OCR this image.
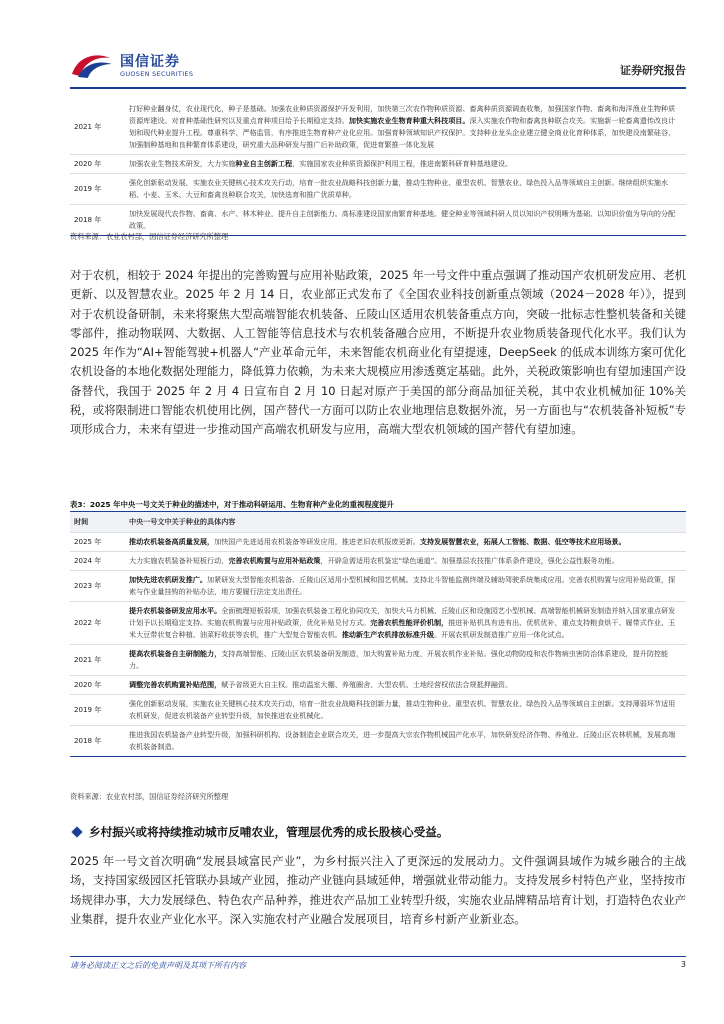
国信证券
GUOSEN SECURITIES	证券研究报告
2021 年
打好种业翻身仗，农业现代化，种子是基础。加强农业种质资源保护开发利用，加快第三次农作物种质资源、畜禽种质资源调查收集，加强国家作物、畜禽和海洋渔业生物种质资源库建设。对育种基础性研究以及重点育种项目给予长期稳定支持。加快实施农业生物育种重大科技项目。深入实施农作物和畜禽良种联合攻关。实施新一轮畜禽遗传改良计划和现代种业提升工程。尊重科学、严格监管，有序推进生物育种产业化应用。加强育种领域知识产权保护。支持种业龙头企业建立健全商业化育种体系，加快建设南繁硅谷，加强制种基地和良种繁育体系建设，研究重大品种研发与推广后补助政策，促进育繁推一体化发展
2020 年	加强农业生物技术研发，大力实施种业自主创新工程，实施国家农业种质资源保护利用工程，推进南繁科研育种基地建设。
2019 年
强化创新驱动发展，实施农业关键核心技术攻关行动，培育一批农业战略科技创新力量，推动生物种业、重型农机、智慧农业、绿色投入品等领域自主创新。继续组织实施水稻、小麦、玉米、大豆和畜禽良种联合攻关，加快选育和推广优质草种。
2018 年
加快发展现代农作物、畜禽、水产、林木种业，提升自主创新能力。高标准建设国家南繁育种基地。健全种业等领域科研人员以知识产权明晰为基础、以知识价值为导向的分配政策。
资料来源：农业农村部，国信证券经济研究所整理
对于农机，相较于 2024 年提出的完善购置与应用补贴政策，2025 年一号文件中重点强调了推动国产农机研发应用、老机更新、以及智慧农业。2025 年 2 月 14 日，农业部正式发布了《全国农业科技创新重点领域（2024－2028 年）》，提到对于农机设备研制，未来将聚焦大型高端智能农机装备、丘陵山区适用农机装备重点方向，突破一批标志性整机装备和关键零部件，推动物联网、大数据、人工智能等信息技术与农机装备融合应用，不断提升农业物质装备现代化水平。我们认为 2025 年作为“AI+智能驾驶+机器人“产业革命元年，未来智能农机商业化有望提速，DeepSeek 的低成本训练方案可优化农机设备的本地化数据处理能力，降低算力依赖，为未来大规模应用渗透奠定基础。此外，关税政策影响也有望加速国产设备替代，我国于 2025 年 2 月 4 日宣布自 2 月 10 日起对原产于美国的部分商品加征关税，其中农业机械加征 10%关税，或将限制进口智能农机使用比例，国产替代一方面可以防止农业地理信息数据外流，另一方面也与“农机装备补短板”专项形成合力，未来有望进一步推动国产高端农机研发与应用，高端大型农机领域的国产替代有望加速。
表3：2025 年中央一号文关于种业的描述中，对于推动科研运用、生物育种产业化的重视程度提升
时间	中央一号文中关于种业的具体内容
2025 年	推动农机装备高质量发展，加快国产先进适用农机装备等研发应用，推进老旧农机报废更新。支持发展智慧农业，拓展人工智能、数据、低空等技术应用场景。
2024 年	大力实施农机装备补短板行动，完善农机购置与应用补贴政策，开辟急需适用农机鉴定“绿色通道”。加强基层农技推广体系条件建设，强化公益性服务功能。
2023 年
加快先进农机研发推广。加紧研发大型智能农机装备、丘陵山区适用小型机械和园艺机械。支持北斗智能监测终端及辅助驾驶系统集成应用。完善农机购置与应用补贴政策，探索与作业量挂钩的补贴办法，地方要履行法定支出责任。
2022 年
提升农机装备研发应用水平。全面梳理短板弱项，加强农机装备工程化协同攻关，加快大马力机械、丘陵山区和设施园艺小型机械、高端智能机械研发制造并纳入国家重点研发计划予以长期稳定支持。实施农机购置与应用补贴政策，优化补贴兑付方式。完善农机性能评价机制，推进补贴机具有进有出、优机优补，重点支持粮食烘干、履带式作业、玉米大豆带状复合种植、油菜籽收获等农机，推广大型复合智能农机。推动新生产农机排放标准升级。开展农机研发制造推广应用一体化试点。
2021 年
提高农机装备自主研制能力，支持高端智能、丘陵山区农机装备研发制造，加大购置补贴力度，开展农机作业补贴。强化动物防疫和农作物病虫害防治体系建设，提升防控能力。
2020 年	调整完善农机购置补贴范围，赋予省级更大自主权。推动温室大棚、养殖圈舍、大型农机、土地经营权依法合规抵押融资。
2019 年
强化创新驱动发展，实施农业关键核心技术攻关行动，培育一批农业战略科技创新力量，推动生物种业、重型农机、智慧农业、绿色投入品等领域自主创新。支持薄弱环节适用农机研发，促进农机装备产业转型升级，加快推进农业机械化。
2018 年
推进我国农机装备产业转型升级，加强科研机构、设备制造企业联合攻关，进一步提高大宗农作物机械国产化水平，加快研发经济作物、养殖业、丘陵山区农林机械，发展高端农机装备制造。
资料来源：农业农村部，国信证券经济研究所整理
乡村振兴或将持续推动城市反哺农业，管理层优秀的成长股核心受益。
2025 年一号文首次明确“发展县域富民产业”，为乡村振兴注入了更深远的发展动力。文件强调县域作为城乡融合的主战场，支持国家级园区托管联办县域产业园，推动产业链向县域延伸，增强就业带动能力。支持发展乡村特色产业，坚持按市场规律办事，大力发展绿色、特色农产品种养，推进农产品加工业转型升级，实施农业品牌精品培育计划，打造特色农业产业集群，提升农业产业化水平。深入实施农村产业融合发展项目，培育乡村新产业新业态。
请务必阅读正文之后的免责声明及其项下所有内容	3
